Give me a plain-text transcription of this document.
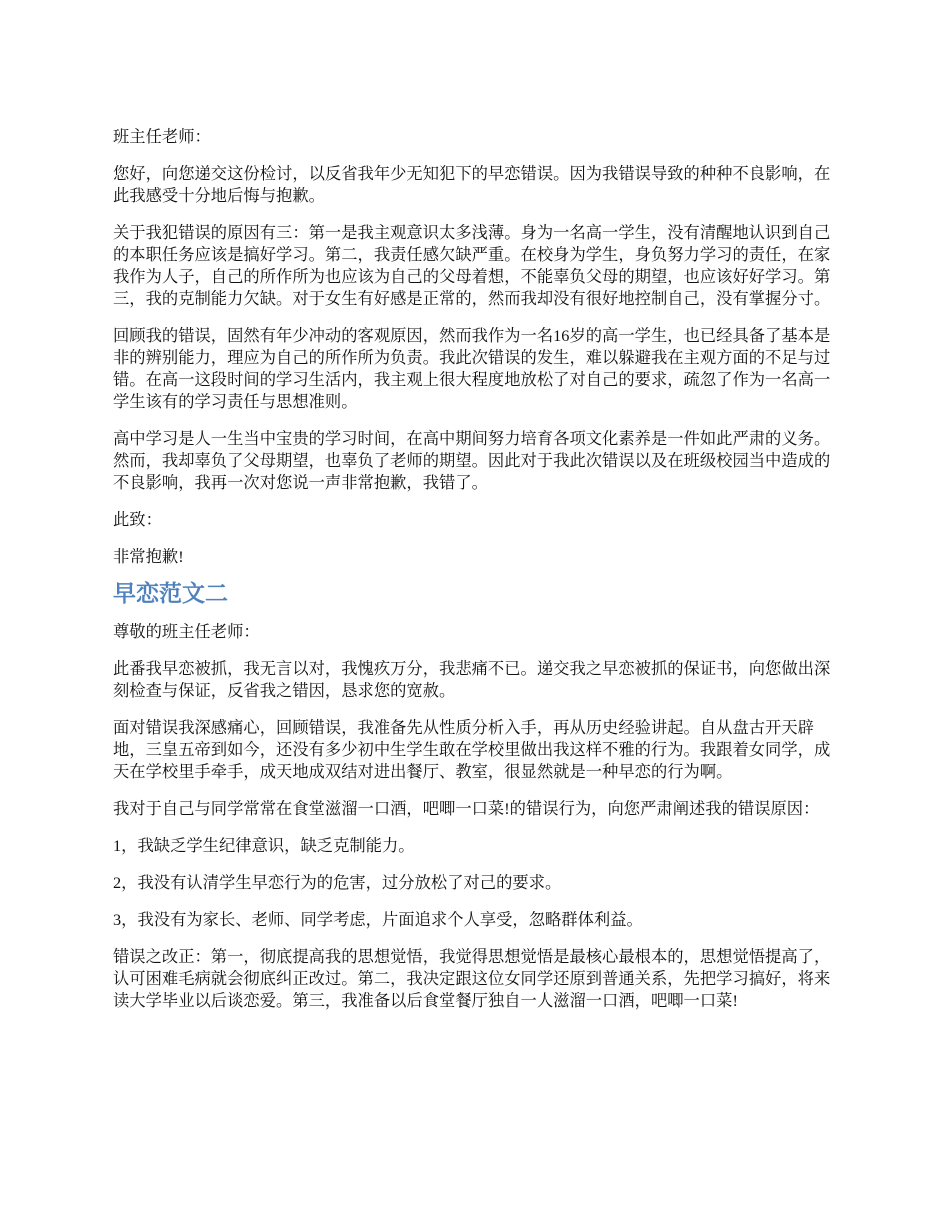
班主任老师：

您好，向您递交这份检讨，以反省我年少无知犯下的早恋错误。因为我错误导致的种种不良影响，在此我感受十分地后悔与抱歉。

关于我犯错误的原因有三：第一是我主观意识太多浅薄。身为一名高一学生，没有清醒地认识到自己的本职任务应该是搞好学习。第二，我责任感欠缺严重。在校身为学生，身负努力学习的责任，在家我作为人子，自己的所作所为也应该为自己的父母着想，不能辜负父母的期望，也应该好好学习。第三，我的克制能力欠缺。对于女生有好感是正常的，然而我却没有很好地控制自己，没有掌握分寸。

回顾我的错误，固然有年少冲动的客观原因，然而我作为一名16岁的高一学生，也已经具备了基本是非的辨别能力，理应为自己的所作所为负责。我此次错误的发生，难以躲避我在主观方面的不足与过错。在高一这段时间的学习生活内，我主观上很大程度地放松了对自己的要求，疏忽了作为一名高一学生该有的学习责任与思想准则。

高中学习是人一生当中宝贵的学习时间，在高中期间努力培育各项文化素养是一件如此严肃的义务。然而，我却辜负了父母期望，也辜负了老师的期望。因此对于我此次错误以及在班级校园当中造成的不良影响，我再一次对您说一声非常抱歉，我错了。

此致：

非常抱歉!

早恋范文二

尊敬的班主任老师：

此番我早恋被抓，我无言以对，我愧疚万分，我悲痛不已。递交我之早恋被抓的保证书，向您做出深刻检查与保证，反省我之错因，恳求您的宽赦。

面对错误我深感痛心，回顾错误，我准备先从性质分析入手，再从历史经验讲起。自从盘古开天辟地，三皇五帝到如今，还没有多少初中生学生敢在学校里做出我这样不雅的行为。我跟着女同学，成天在学校里手牵手，成天地成双结对进出餐厅、教室，很显然就是一种早恋的行为啊。

我对于自己与同学常常在食堂滋溜一口酒，吧唧一口菜!的错误行为，向您严肃阐述我的错误原因：

1，我缺乏学生纪律意识，缺乏克制能力。

2，我没有认清学生早恋行为的危害，过分放松了对己的要求。

3，我没有为家长、老师、同学考虑，片面追求个人享受，忽略群体利益。

错误之改正：第一，彻底提高我的思想觉悟，我觉得思想觉悟是最核心最根本的，思想觉悟提高了，认可困难毛病就会彻底纠正改过。第二，我决定跟这位女同学还原到普通关系，先把学习搞好，将来读大学毕业以后谈恋爱。第三，我准备以后食堂餐厅独自一人滋溜一口酒，吧唧一口菜!
